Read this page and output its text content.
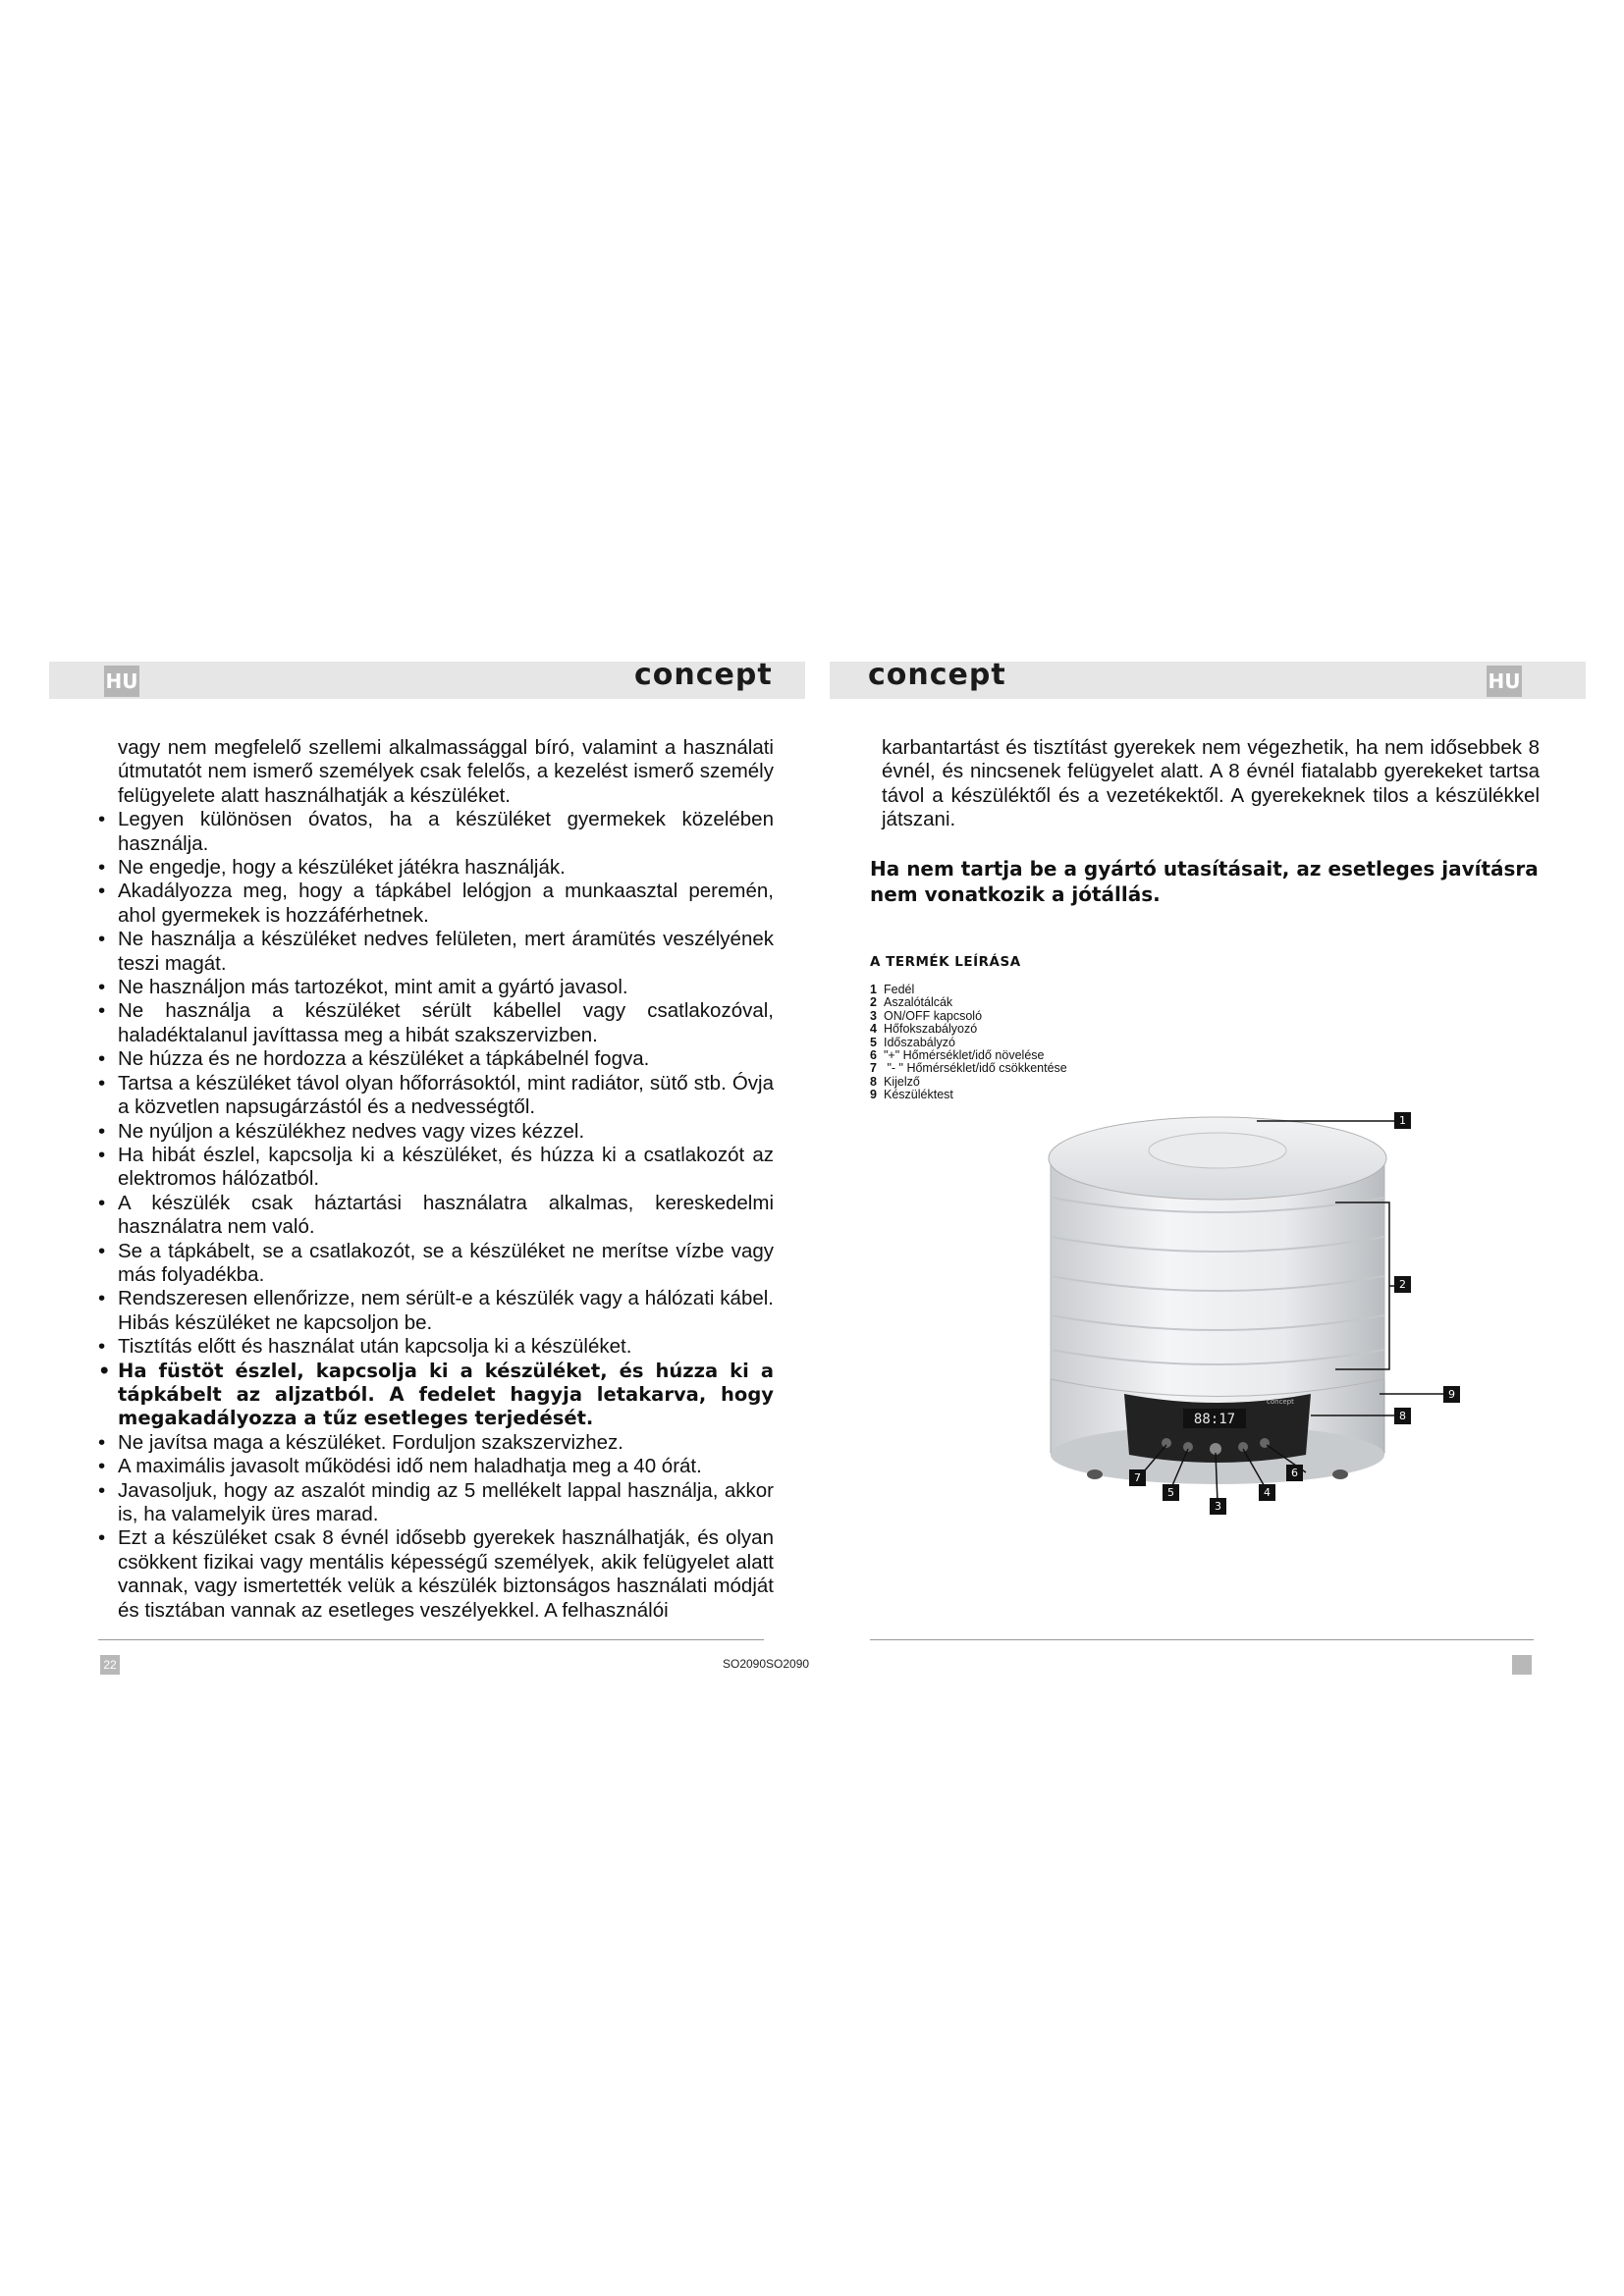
HU	HU
concept	concept

vagy nem megfelelő szellemi alkalmassággal bíró, valamint a használati útmutatót nem ismerő személyek csak felelős, a kezelést ismerő személy felügyelete alatt használhatják a készüléket.

• Legyen különösen óvatos, ha a készüléket gyermekek közelében használja.
• Ne engedje, hogy a készüléket játékra használják.
• Akadályozza meg, hogy a tápkábel lelógjon a munkaasztal peremén, ahol gyermekek is hozzáférhetnek.
• Ne használja a készüléket nedves felületen, mert áramütés veszélyének teszi magát.
• Ne használjon más tartozékot, mint amit a gyártó javasol.
• Ne használja a készüléket sérült kábellel vagy csatlakozóval, haladéktalanul javíttassa meg a hibát szakszervizben.
• Ne húzza és ne hordozza a készüléket a tápkábelnél fogva.
• Tartsa a készüléket távol olyan hőforrásoktól, mint radiátor, sütő stb. Óvja a közvetlen napsugárzástól és a nedvességtől.
• Ne nyúljon a készülékhez nedves vagy vizes kézzel.
• Ha hibát észlel, kapcsolja ki a készüléket, és húzza ki a csatlakozót az elektromos hálózatból.
• A készülék csak háztartási használatra alkalmas, kereskedelmi használatra nem való.
• Se a tápkábelt, se a csatlakozót, se a készüléket ne merítse vízbe vagy más folyadékba.
• Rendszeresen ellenőrizze, nem sérült-e a készülék vagy a hálózati kábel. Hibás készüléket ne kapcsoljon be.
• Tisztítás előtt és használat után kapcsolja ki a készüléket.
• Ha füstöt észlel, kapcsolja ki a készüléket, és húzza ki a tápkábelt az aljzatból. A fedelet hagyja letakarva, hogy megakadályozza a tűz esetleges terjedését.
• Ne javítsa maga a készüléket. Forduljon szakszervizhez.
• A maximális javasolt működési idő nem haladhatja meg a 40 órát.
• Javasoljuk, hogy az aszalót mindig az 5 mellékelt lappal használja, akkor is, ha valamelyik üres marad.
• Ezt a készüléket csak 8 évnél idősebb gyerekek használhatják, és olyan csökkent fizikai vagy mentális képességű személyek, akik felügyelet alatt vannak, vagy ismertették velük a készülék biztonságos használati módját és tisztában vannak az esetleges veszélyekkel. A felhasználói

karbantartást és tisztítást gyerekek nem végezhetik, ha nem idősebbek 8 évnél, és nincsenek felügyelet alatt. A 8 évnél fiatalabb gyerekeket tartsa távol a készüléktől és a vezetékektől. A gyerekeknek tilos a készülékkel játszani.

Ha nem tartja be a gyártó utasításait, az esetleges javításra nem vonatkozik a jótállás.

A TERMÉK LEÍRÁSA
1 Fedél
2 Aszalótálcák
3 ON/OFF kapcsoló
4 Hőfokszabályozó
5 Időszabályzó
6 "+" Hőmérséklet/idő növelése
7 "- " Hőmérséklet/idő csökkentése
8 Kijelző
9 Készüléktest
88:17
concept
1
2
9
8
6
7
5	4
3
22	SO2090SO2090
